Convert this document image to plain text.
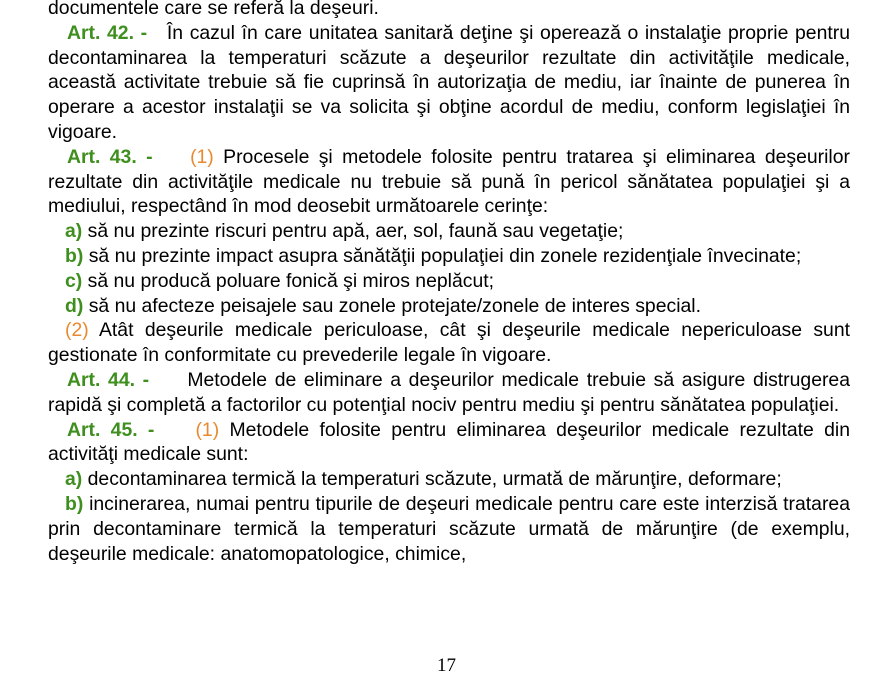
documentele care se referă la deşeuri.

Art. 42. - În cazul în care unitatea sanitară deţine şi operează o instalaţie proprie pentru decontaminarea la temperaturi scăzute a deşeurilor rezultate din activităţile medicale, această activitate trebuie să fie cuprinsă în autorizaţia de mediu, iar înainte de punerea în operare a acestor instalaţii se va solicita şi obţine acordul de mediu, conform legislaţiei în vigoare.

Art. 43. - (1) Procesele şi metodele folosite pentru tratarea şi eliminarea deşeurilor rezultate din activităţile medicale nu trebuie să pună în pericol sănătatea populaţiei şi a mediului, respectând în mod deosebit următoarele cerinţe:

a) să nu prezinte riscuri pentru apă, aer, sol, faună sau vegetaţie;

b) să nu prezinte impact asupra sănătăţii populaţiei din zonele rezidenţiale învecinate;

c) să nu producă poluare fonică şi miros neplăcut;

d) să nu afecteze peisajele sau zonele protejate/zonele de interes special.

(2) Atât deşeurile medicale periculoase, cât şi deşeurile medicale nepericuloase sunt gestionate în conformitate cu prevederile legale în vigoare.

Art. 44. - Metodele de eliminare a deşeurilor medicale trebuie să asigure distrugerea rapidă şi completă a factorilor cu potenţial nociv pentru mediu şi pentru sănătatea populaţiei.

Art. 45. - (1) Metodele folosite pentru eliminarea deşeurilor medicale rezultate din activităţi medicale sunt:

a) decontaminarea termică la temperaturi scăzute, urmată de mărunţire, deformare;

b) incinerarea, numai pentru tipurile de deşeuri medicale pentru care este interzisă tratarea prin decontaminare termică la temperaturi scăzute urmată de mărunţire (de exemplu, deşeurile medicale: anatomopatologice, chimice,

17
